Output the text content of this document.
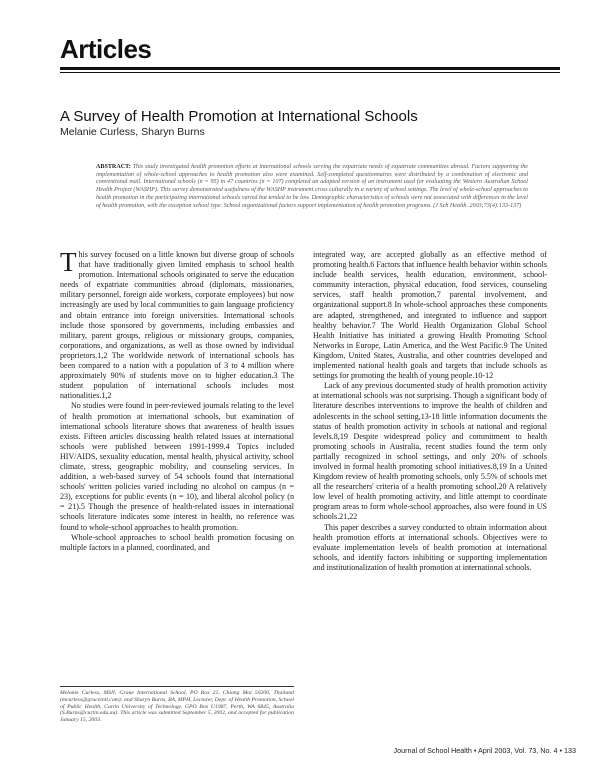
Articles
A Survey of Health Promotion at International Schools
Melanie Curless, Sharyn Burns
ABSTRACT: This study investigated health promotion efforts at international schools serving the expatriate needs of expatriate communities abroad. Factors supporting the implementation of whole-school approaches to health promotion also were examined. Self-completed questionnaires were distributed by a combination of electronic and conventional mail. International schools (n = 95) in 47 countries (n = 107) completed an adapted version of an instrument used for evaluating the Western Australian School Health Project (WASHP). This survey demonstrated usefulness of the WASHP instrument cross culturally in a variety of school settings. The level of whole-school approaches to health promotion in the participating international schools varied but tended to be low. Demographic characteristics of schools were not associated with differences in the level of health promotion, with the exception school type. School organizational factors support implementation of health promotion programs. (J Sch Health. 2003;73(4):133-137)

This survey focused on a little known but diverse group of schools that have traditionally given limited emphasis to school health promotion. International schools originated to serve the education needs of expatriate communities abroad (diplomats, missionaries, military personnel, foreign aide workers, corporate employees) but now increasingly are used by local communities to gain language proficiency and obtain entrance into foreign universities. International schools include those sponsored by governments, including embassies and military, parent groups, religious or missionary groups, companies, corporations, and organizations, as well as those owned by individual proprietors.1,2 The worldwide network of international schools has been compared to a nation with a population of 3 to 4 million where approximately 90% of students move on to higher education.3 The student population of international schools includes most nationalities.1,2

No studies were found in peer-reviewed journals relating to the level of health promotion at international schools, but examination of international schools literature shows that awareness of health issues exists. Fifteen articles discussing health related issues at international schools were published between 1991-1999.4 Topics included HIV/AIDS, sexuality education, mental health, physical activity, school climate, stress, geographic mobility, and counseling services. In addition, a web-based survey of 54 schools found that international schools' written policies varied including no alcohol on campus (n = 23), exceptions for public events (n = 10), and liberal alcohol policy (n = 21).5 Though the presence of health-related issues in international schools literature indicates some interest in health, no reference was found to whole-school approaches to health promotion.

Whole-school approaches to school health promotion focusing on multiple factors in a planned, coordinated, and

integrated way, are accepted globally as an effective method of promoting health.6 Factors that influence health behavior within schools include health services, health education, environment, school-community interaction, physical education, food services, counseling services, staff health promotion,7 parental involvement, and organizational support.8 In whole-school approaches these components are adapted, strengthened, and integrated to influence and support healthy behavior.7 The World Health Organization Global School Health Initiative has initiated a growing Health Promoting School Networks in Europe, Latin America, and the West Pacific.9 The United Kingdom, United States, Australia, and other countries developed and implemented national health goals and targets that include schools as settings for promoting the health of young people.10-12

Lack of any previous documented study of health promotion activity at international schools was not surprising. Though a significant body of literature describes interventions to improve the health of children and adolescents in the school setting,13-18 little information documents the status of health promotion activity in schools at national and regional levels.8,19 Despite widespread policy and commitment to health promoting schools in Australia, recent studies found the term only partially recognized in school settings, and only 20% of schools involved in formal health promoting school initiatives.8,19 In a United Kingdom review of health promoting schools, only 5.5% of schools met all the researchers' criteria of a health promoting school.20 A relatively low level of health promoting activity, and little attempt to coordinate program areas to form whole-school approaches, also were found in US schools.21,22

This paper describes a survey conducted to obtain information about health promotion efforts at international schools. Objectives were to evaluate implementation levels of health promotion at international schools, and identify factors inhibiting or supporting implementation and institutionalization of health promotion at international schools.

Melanie Curless, MSN, Graue International School, PO Box 22, Chiang Mai 50200, Thailand (mcurless@graceintl.com); and Sharyn Burns, BA, MPH, Lecturer, Dept. of Health Promotion, School of Public Health, Curtin University of Technology, GPO Box U1987, Perth, WA 6845, Australia (S.Burns@curtin.edu.au). This article was submitted September 5, 2002, and accepted for publication January 15, 2003.
Journal of School Health • April 2003, Vol. 73, No. 4 • 133
